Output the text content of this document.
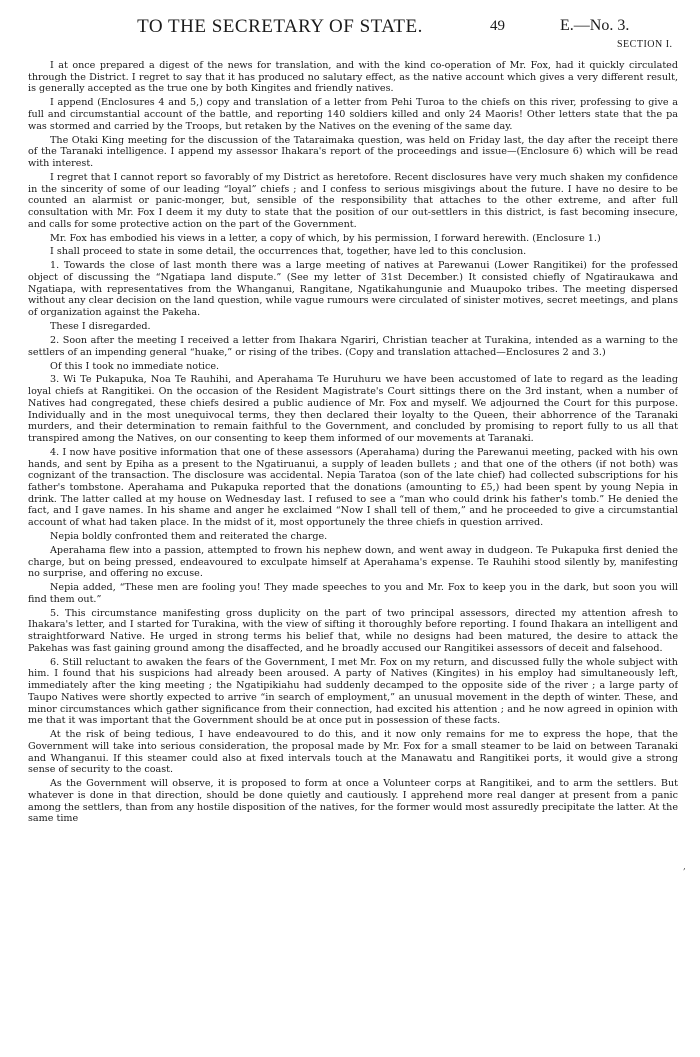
TO THE SECRETARY OF STATE.	49	E.—No. 3.
SECTION I.

I at once prepared a digest of the news for translation, and with the kind co-operation of Mr. Fox, had it quickly circulated through the District. I regret to say that it has produced no salutary effect, as the native account which gives a very different result, is generally accepted as the true one by both Kingites and friendly natives.

I append (Enclosures 4 and 5,) copy and translation of a letter from Pehi Turoa to the chiefs on this river, professing to give a full and circumstantial account of the battle, and reporting 140 soldiers killed and only 24 Maoris! Other letters state that the pa was stormed and carried by the Troops, but retaken by the Natives on the evening of the same day.

The Otaki King meeting for the discussion of the Tataraimaka question, was held on Friday last, the day after the receipt there of the Taranaki intelligence. I append my assessor Ihakara's report of the proceedings and issue—(Enclosure 6) which will be read with interest.

I regret that I cannot report so favorably of my District as heretofore. Recent disclosures have very much shaken my confidence in the sincerity of some of our leading “loyal” chiefs ; and I confess to serious misgivings about the future. I have no desire to be counted an alarmist or panic-monger, but, sensible of the responsibility that attaches to the other extreme, and after full consultation with Mr. Fox I deem it my duty to state that the position of our out-settlers in this district, is fast becoming insecure, and calls for some protective action on the part of the Government.

Mr. Fox has embodied his views in a letter, a copy of which, by his permission, I forward herewith. (Enclosure 1.)

I shall proceed to state in some detail, the occurrences that, together, have led to this conclusion.

1. Towards the close of last month there was a large meeting of natives at Parewanui (Lower Rangitikei) for the professed object of discussing the “Ngatiapa land dispute.” (See my letter of 31st December.) It consisted chiefly of Ngatiraukawa and Ngatiapa, with representatives from the Whanganui, Rangitane, Ngatikahungunie and Muaupoko tribes. The meeting dispersed without any clear decision on the land question, while vague rumours were circulated of sinister motives, secret meetings, and plans of organization against the Pakeha.

These I disregarded.

2. Soon after the meeting I received a letter from Ihakara Ngariri, Christian teacher at Turakina, intended as a warning to the settlers of an impending general “huake,” or rising of the tribes. (Copy and translation attached—Enclosures 2 and 3.)

Of this I took no immediate notice.

3. Wi Te Pukapuka, Noa Te Rauhihi, and Aperahama Te Huruhuru we have been accustomed of late to regard as the leading loyal chiefs at Rangitikei. On the occasion of the Resident Magistrate's Court sittings there on the 3rd instant, when a number of Natives had congregated, these chiefs desired a public audience of Mr. Fox and myself. We adjourned the Court for this purpose. Individually and in the most unequivocal terms, they then declared their loyalty to the Queen, their abhorrence of the Taranaki murders, and their determination to remain faithful to the Government, and concluded by promising to report fully to us all that transpired among the Natives, on our consenting to keep them informed of our movements at Taranaki.

4. I now have positive information that one of these assessors (Aperahama) during the Parewanui meeting, packed with his own hands, and sent by Epiha as a present to the Ngatiruanui, a supply of leaden bullets ; and that one of the others (if not both) was cognizant of the transaction. The disclosure was accidental. Nepia Taratoa (son of the late chief) had collected subscriptions for his father's tombstone. Aperahama and Pukapuka reported that the donations (amounting to £5,) had been spent by young Nepia in drink. The latter called at my house on Wednesday last. I refused to see a “man who could drink his father's tomb.” He denied the fact, and I gave names. In his shame and anger he exclaimed “Now I shall tell of them,” and he proceeded to give a circumstantial account of what had taken place. In the midst of it, most opportunely the three chiefs in question arrived.

Nepia boldly confronted them and reiterated the charge.

Aperahama flew into a passion, attempted to frown his nephew down, and went away in dudgeon. Te Pukapuka first denied the charge, but on being pressed, endeavoured to exculpate himself at Aperahama's expense. Te Rauhihi stood silently by, manifesting no surprise, and offering no excuse.

Nepia added, “These men are fooling you! They made speeches to you and Mr. Fox to keep you in the dark, but soon you will find them out.”

5. This circumstance manifesting gross duplicity on the part of two principal assessors, directed my attention afresh to Ihakara's letter, and I started for Turakina, with the view of sifting it thoroughly before reporting. I found Ihakara an intelligent and straightforward Native. He urged in strong terms his belief that, while no designs had been matured, the desire to attack the Pakehas was fast gaining ground among the disaffected, and he broadly accused our Rangitikei assessors of deceit and falsehood.

6. Still reluctant to awaken the fears of the Government, I met Mr. Fox on my return, and discussed fully the whole subject with him. I found that his suspicions had already been aroused. A party of Natives (Kingites) in his employ had simultaneously left, immediately after the king meeting ; the Ngatipikiahu had suddenly decamped to the opposite side of the river ; a large party of Taupo Natives were shortly expected to arrive “in search of employment,” an unusual movement in the depth of winter. These, and minor circumstances which gather significance from their connection, had excited his attention ; and he now agreed in opinion with me that it was important that the Government should be at once put in possession of these facts.

At the risk of being tedious, I have endeavoured to do this, and it now only remains for me to express the hope, that the Government will take into serious consideration, the proposal made by Mr. Fox for a small steamer to be laid on between Taranaki and Whanganui. If this steamer could also at fixed intervals touch at the Manawatu and Rangitikei ports, it would give a strong sense of security to the coast.

As the Government will observe, it is proposed to form at once a Volunteer corps at Rangitikei, and to arm the settlers. But whatever is done in that direction, should be done quietly and cautiously. I apprehend more real danger at present from a panic among the settlers, than from any hostile disposition of the natives, for the former would most assuredly precipitate the latter. At the same time

,
